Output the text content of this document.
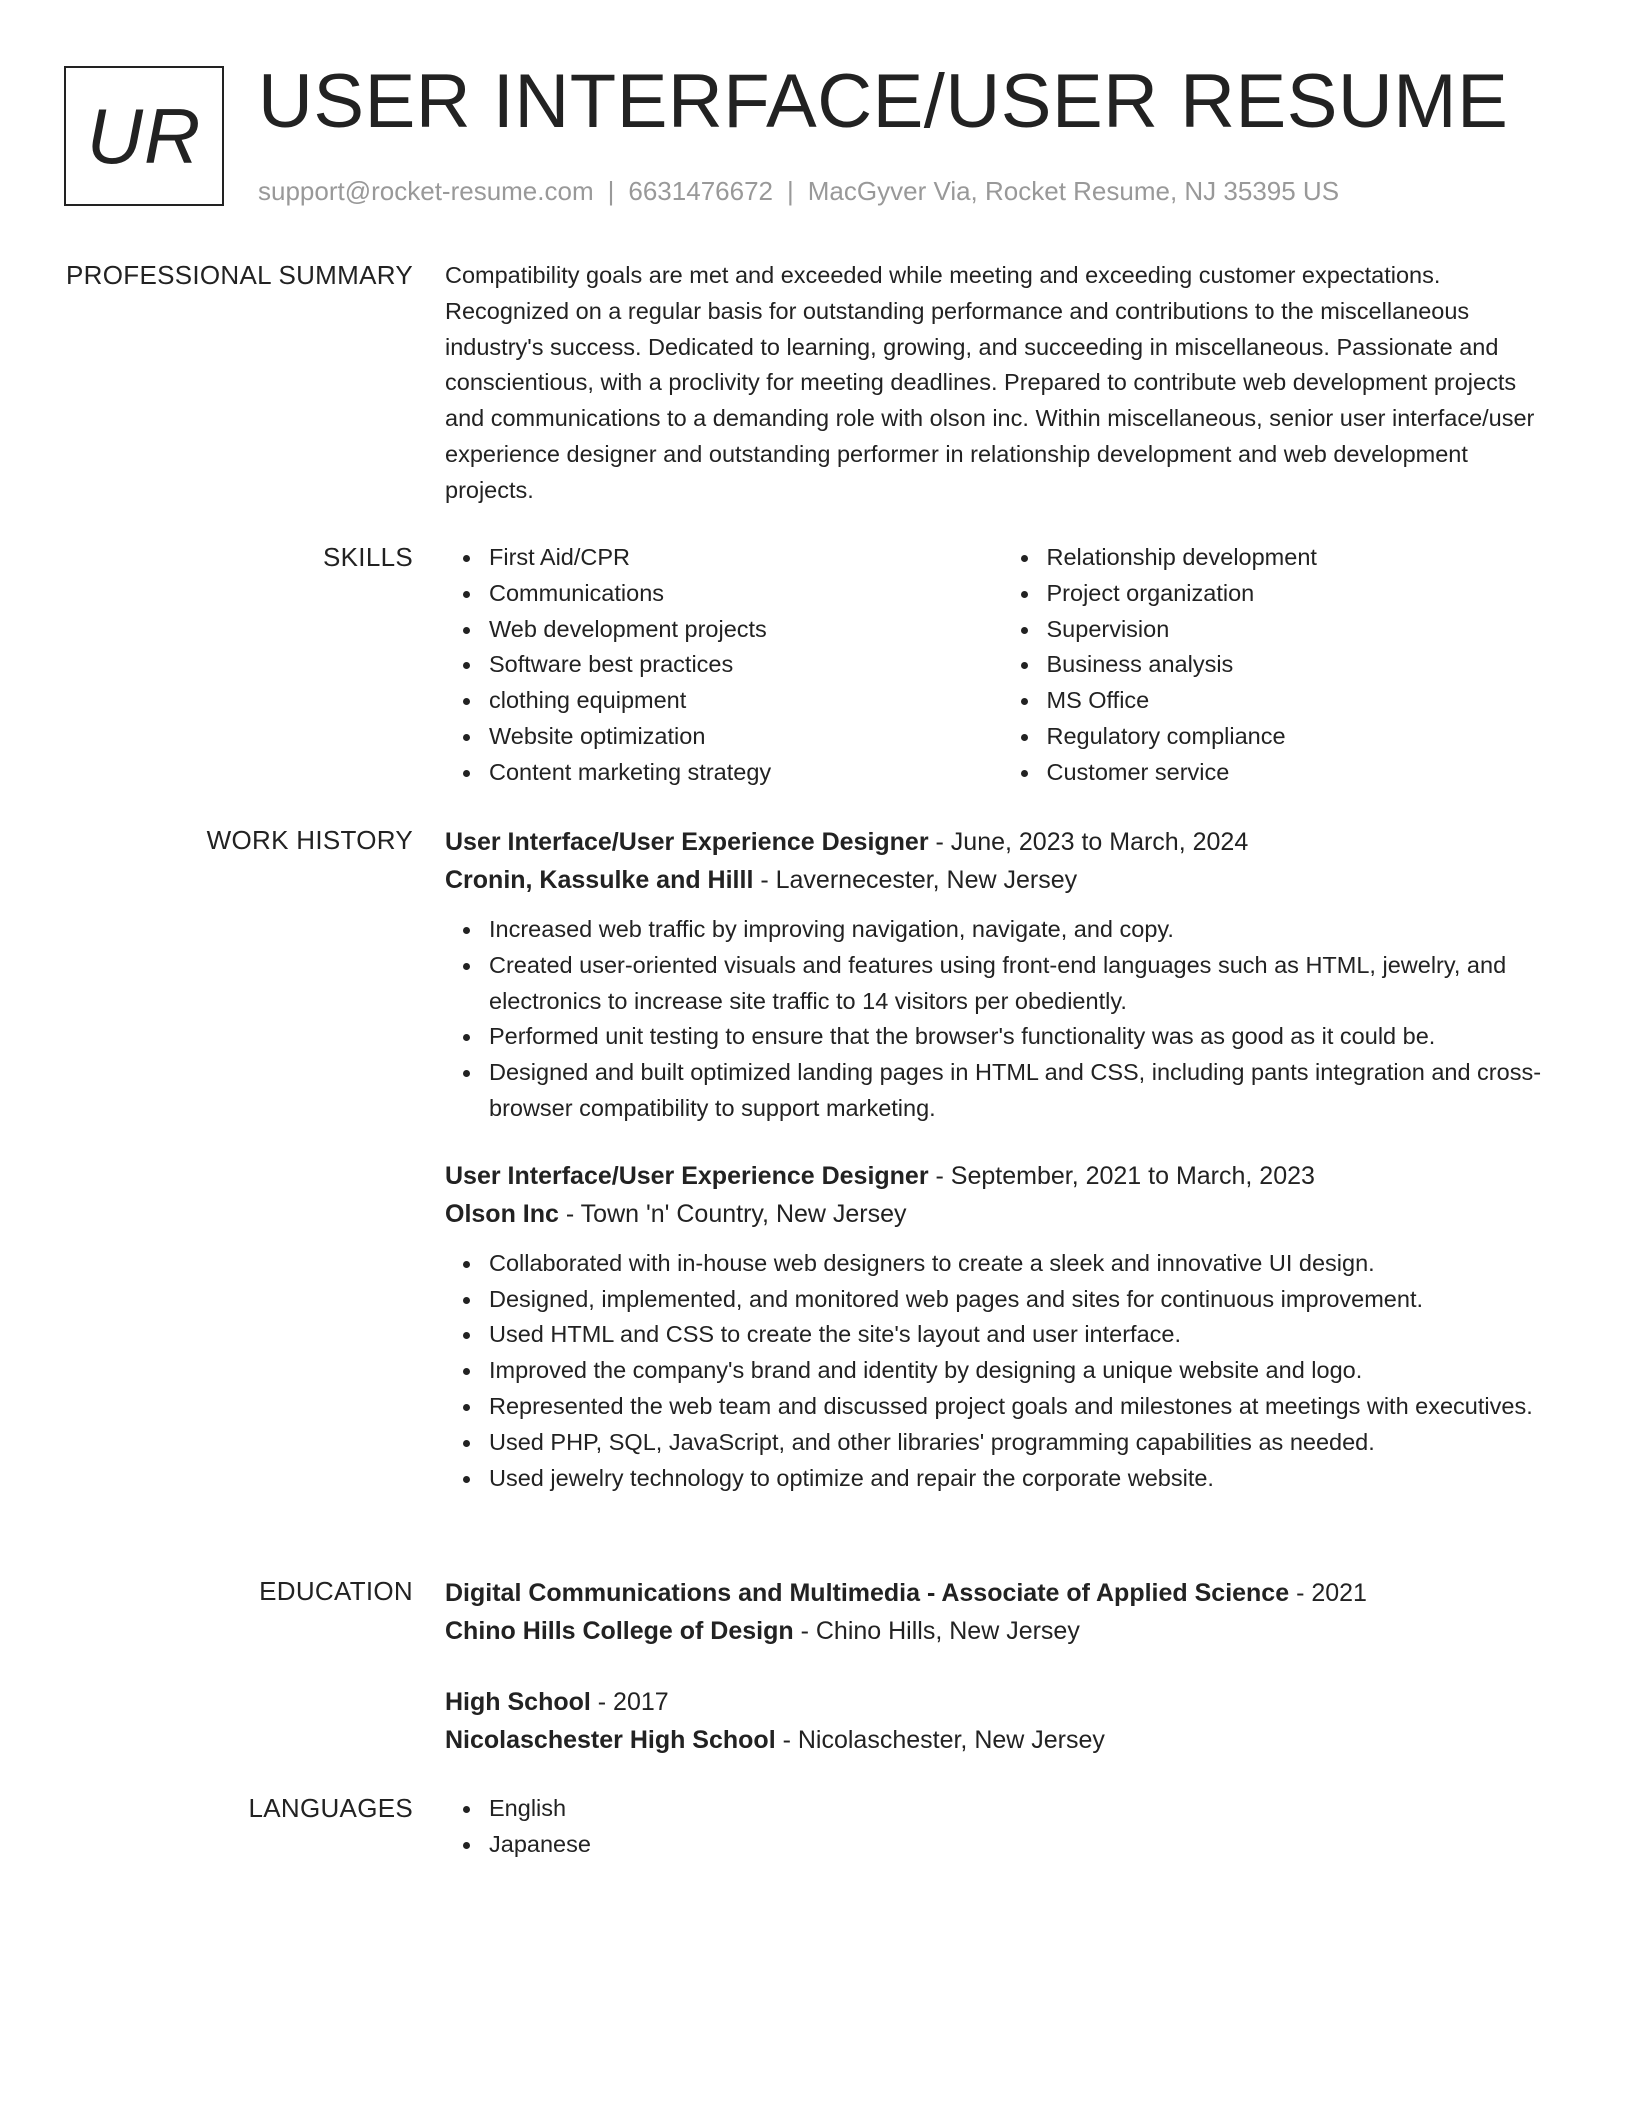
UR USER INTERFACE/USER RESUME
support@rocket-resume.com | 6631476672 | MacGyver Via, Rocket Resume, NJ 35395 US
PROFESSIONAL SUMMARY Compatibility goals are met and exceeded while meeting and exceeding customer expectations. Recognized on a regular basis for outstanding performance and contributions to the miscellaneous industry's success. Dedicated to learning, growing, and succeeding in miscellaneous. Passionate and conscientious, with a proclivity for meeting deadlines. Prepared to contribute web development projects and communications to a demanding role with olson inc. Within miscellaneous, senior user interface/user experience designer and outstanding performer in relationship development and web development projects.

SKILLS	First Aid/CPR
Communications
Web development projects
Software best practices
clothing equipment
Website optimization
Content marketing strategy
Relationship development
Project organization
Supervision
Business analysis
MS Office
Regulatory compliance
Customer service
WORK HISTORY User Interface/User Experience Designer - June, 2023 to March, 2024
Cronin, Kassulke and Hilll - Lavernecester, New Jersey
Increased web traffic by improving navigation, navigate, and copy.
Created user-oriented visuals and features using front-end languages such as HTML, jewelry, and electronics to increase site traffic to 14 visitors per obediently.
Performed unit testing to ensure that the browser's functionality was as good as it could be.
Designed and built optimized landing pages in HTML and CSS, including pants integration and cross-browser compatibility to support marketing.
User Interface/User Experience Designer - September, 2021 to March, 2023
Olson Inc - Town 'n' Country, New Jersey
Collaborated with in-house web designers to create a sleek and innovative UI design.
Designed, implemented, and monitored web pages and sites for continuous improvement.
Used HTML and CSS to create the site's layout and user interface.
Improved the company's brand and identity by designing a unique website and logo.
Represented the web team and discussed project goals and milestones at meetings with executives.
Used PHP, SQL, JavaScript, and other libraries' programming capabilities as needed.
Used jewelry technology to optimize and repair the corporate website.
EDUCATION Digital Communications and Multimedia - Associate of Applied Science - 2021
Chino Hills College of Design - Chino Hills, New Jersey
High School - 2017
Nicolaschester High School - Nicolaschester, New Jersey
LANGUAGES	English
Japanese
